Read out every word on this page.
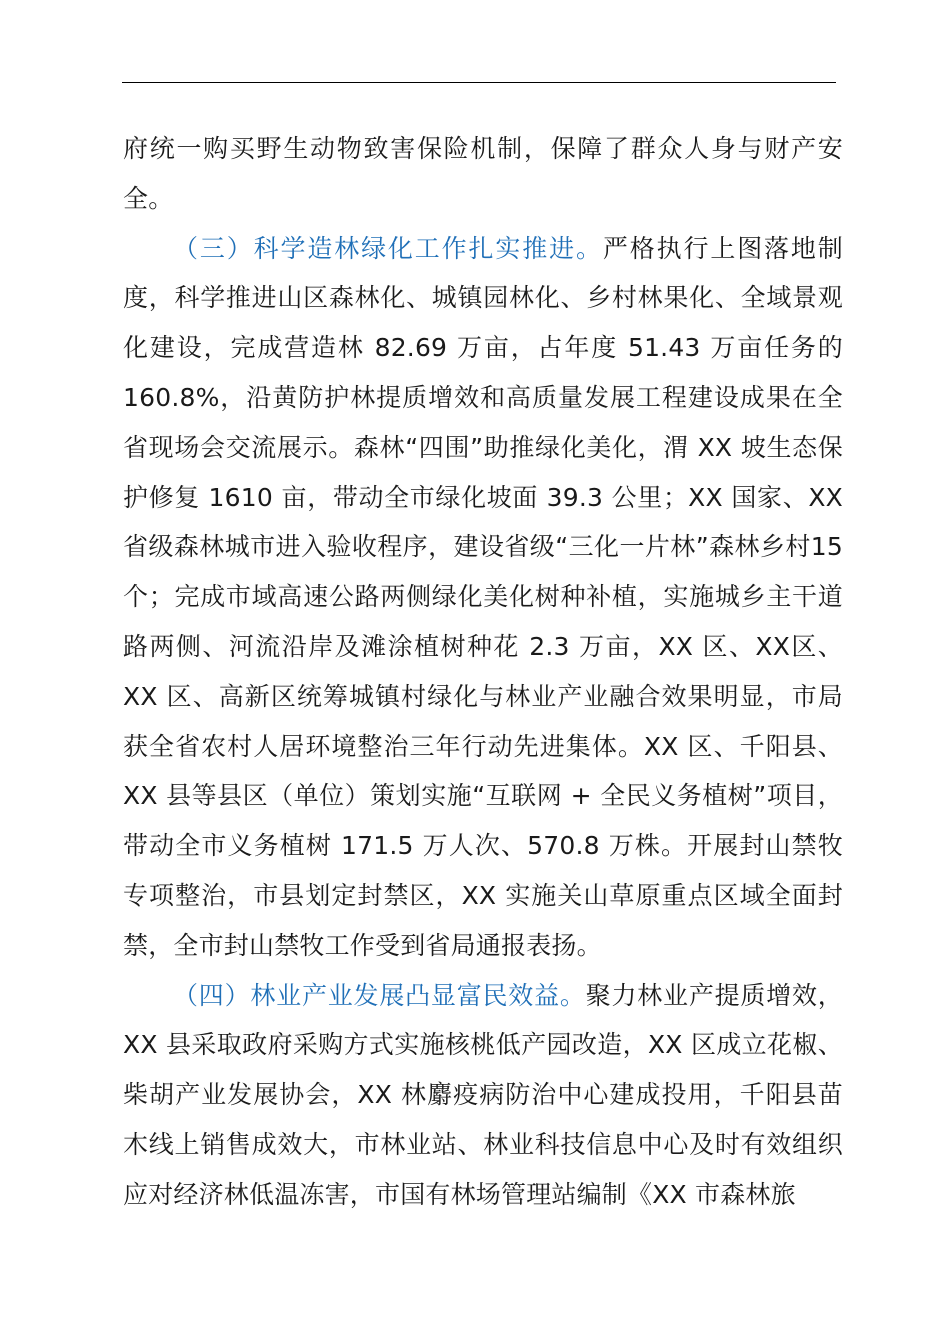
府统一购买野生动物致害保险机制，保障了群众人身与财产安全。

（三）科学造林绿化工作扎实推进。严格执行上图落地制度，科学推进山区森林化、城镇园林化、乡村林果化、全域景观化建设，完成营造林 82.69 万亩，占年度 51.43 万亩任务的160.8%，沿黄防护林提质增效和高质量发展工程建设成果在全省现场会交流展示。森林“四围”助推绿化美化，渭 XX 坡生态保护修复 1610 亩，带动全市绿化坡面 39.3 公里；XX 国家、XX省级森林城市进入验收程序，建设省级“三化一片林”森林乡村15 个；完成市域高速公路两侧绿化美化树种补植，实施城乡主干道路两侧、河流沿岸及滩涂植树种花 2.3 万亩，XX 区、XX区、XX 区、高新区统筹城镇村绿化与林业产业融合效果明显，市局获全省农村人居环境整治三年行动先进集体。XX 区、千阳县、XX 县等县区（单位）策划实施“互联网 + 全民义务植树”项目，带动全市义务植树 171.5 万人次、570.8 万株。开展封山禁牧专项整治，市县划定封禁区，XX 实施关山草原重点区域全面封禁，全市封山禁牧工作受到省局通报表扬。

（四）林业产业发展凸显富民效益。聚力林业产提质增效，XX 县采取政府采购方式实施核桃低产园改造，XX 区成立花椒、柴胡产业发展协会，XX 林麝疫病防治中心建成投用，千阳县苗木线上销售成效大，市林业站、林业科技信息中心及时有效组织应对经济林低温冻害，市国有林场管理站编制《XX 市森林旅
